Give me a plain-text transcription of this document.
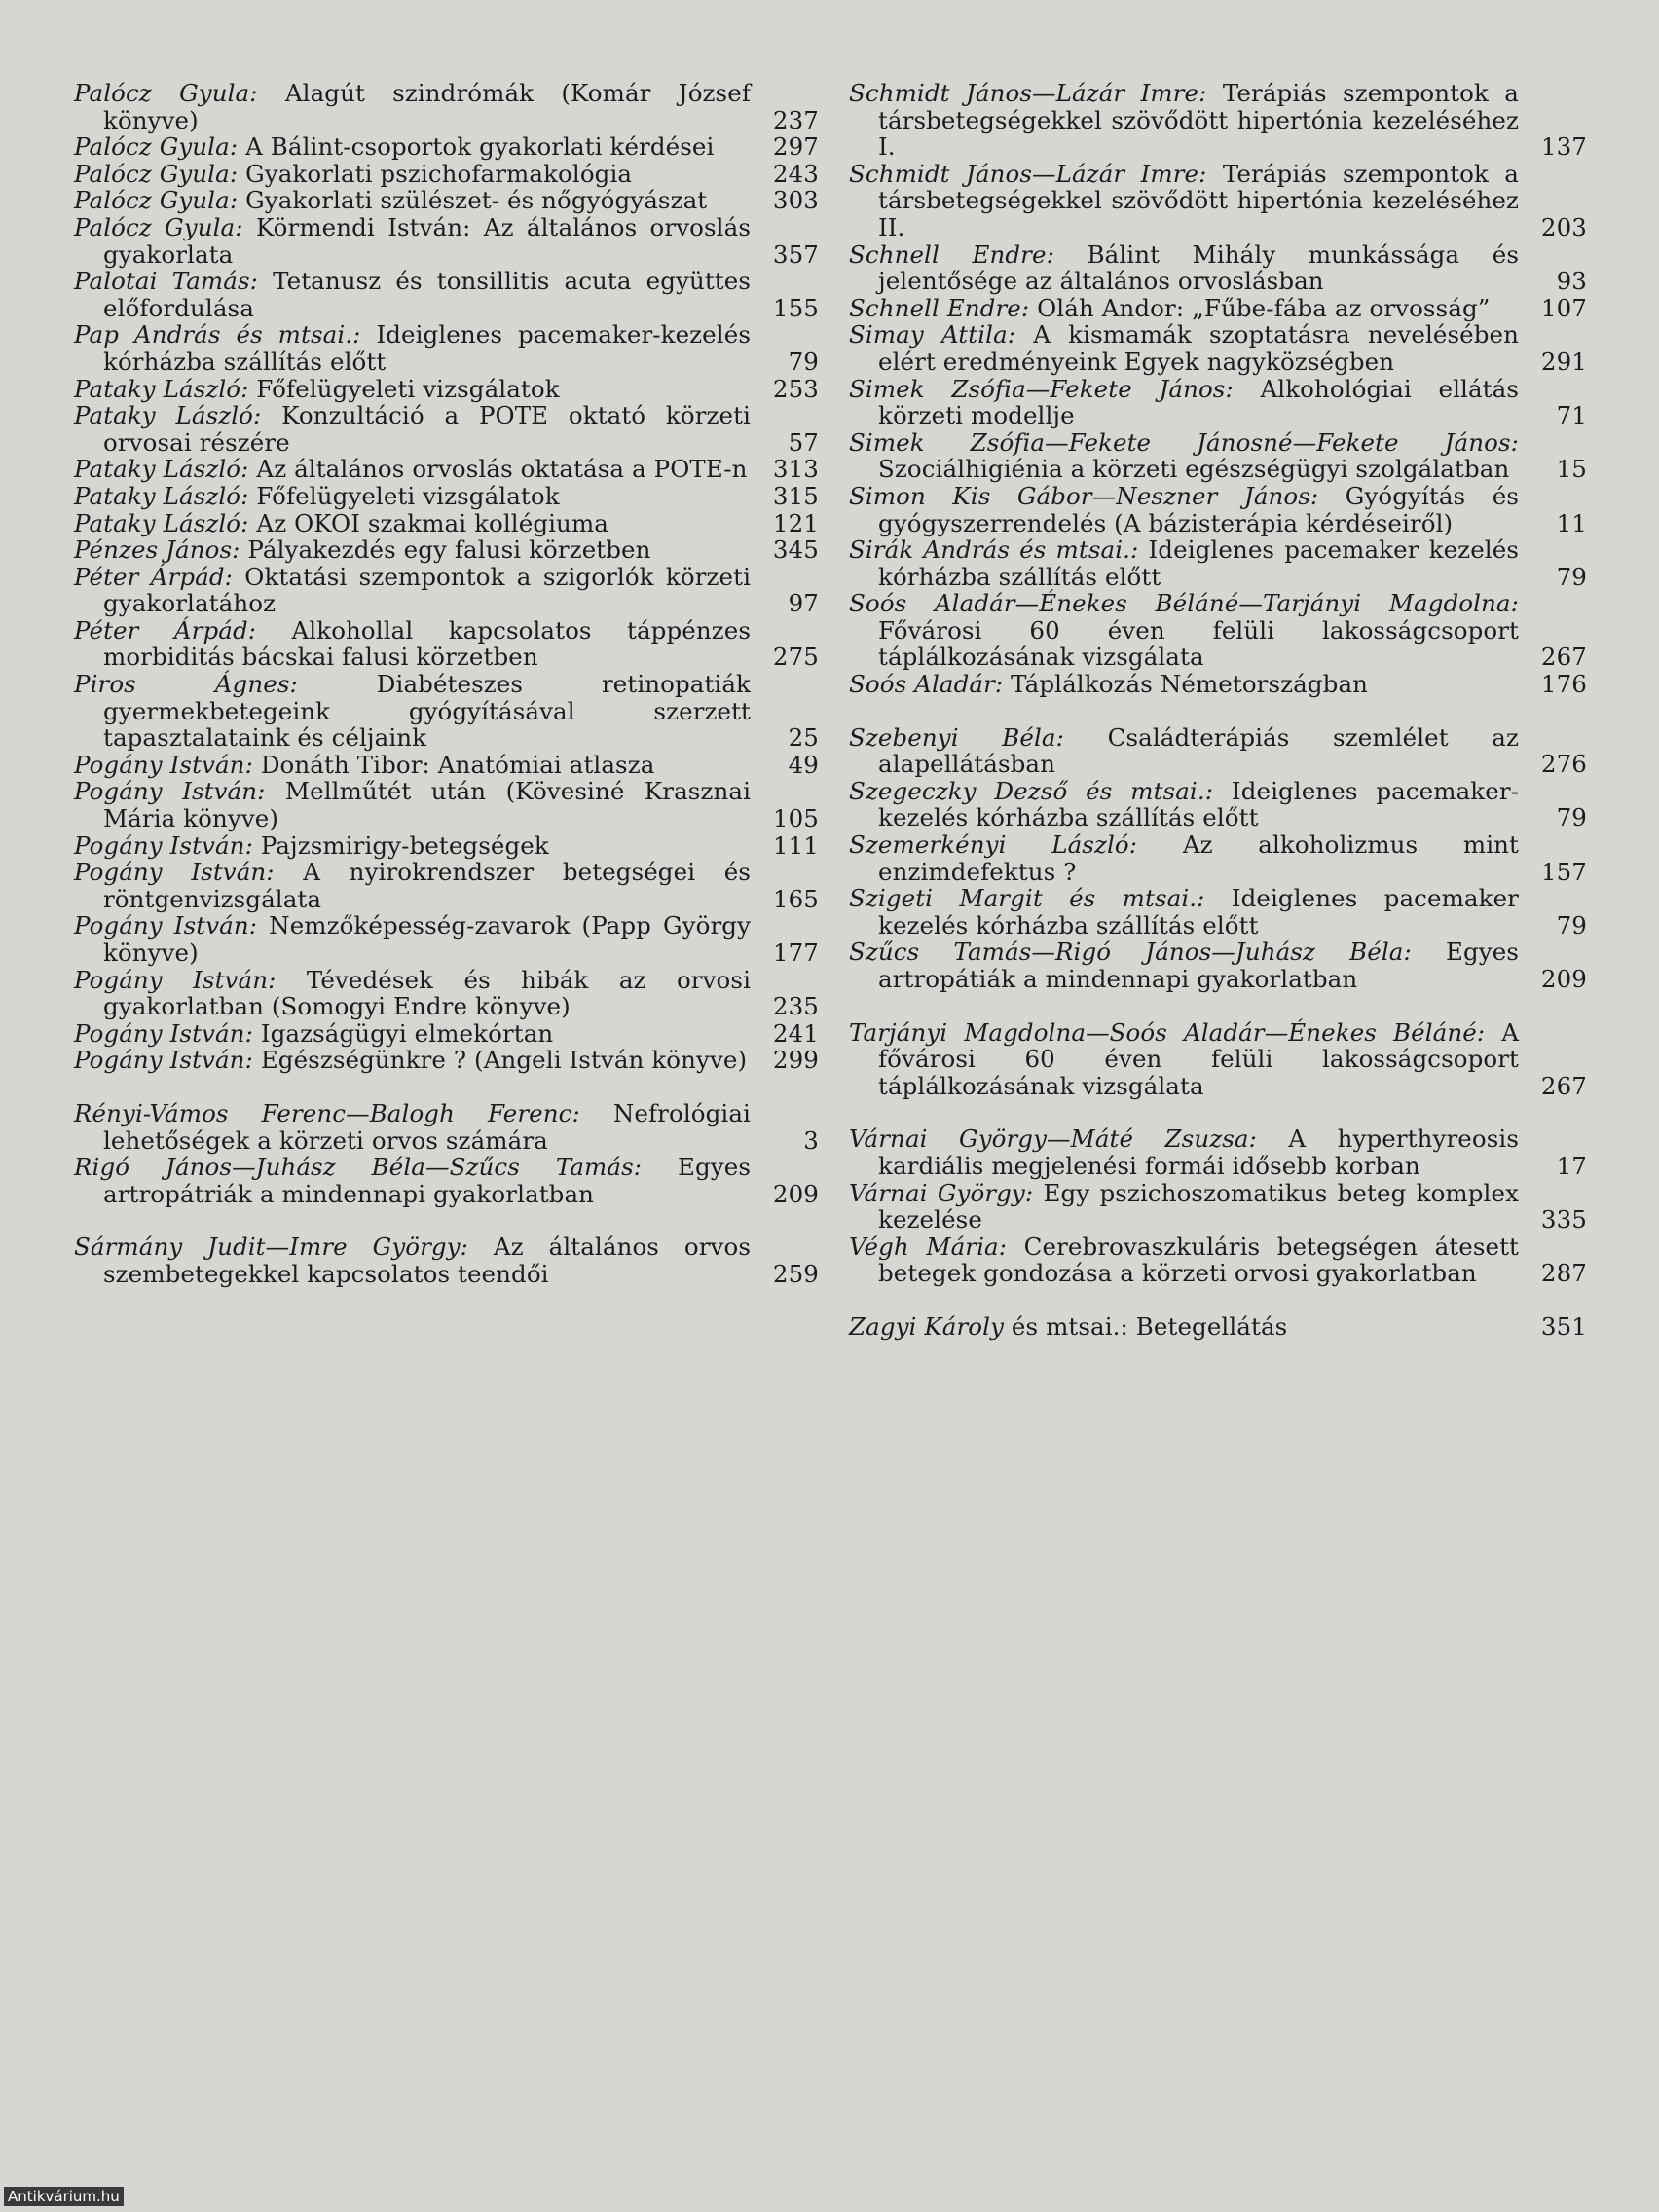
Palócz Gyula: Alagút szindrómák (Komár József könyve)	237
Palócz Gyula: A Bálint-csoportok gyakorlati kérdései	297
Palócz Gyula: Gyakorlati pszichofarmakológia	243
Palócz Gyula: Gyakorlati szülészet- és nőgyógyászat	303
Palócz Gyula: Körmendi István: Az általános orvoslás gyakorlata	357
Palotai Tamás: Tetanusz és tonsillitis acuta együttes előfordulása	155
Pap András és mtsai.: Ideiglenes pacemaker-kezelés kórházba szállítás előtt	79
Pataky László: Főfelügyeleti vizsgálatok	253
Pataky László: Konzultáció a POTE oktató körzeti orvosai részére	57
Pataky László: Az általános orvoslás oktatása a POTE-n	313
Pataky László: Főfelügyeleti vizsgálatok	315
Pataky László: Az OKOI szakmai kollégiuma	121
Pénzes János: Pályakezdés egy falusi körzetben	345
Péter Árpád: Oktatási szempontok a szigorlók körzeti gyakorlatához	97
Péter Árpád: Alkohollal kapcsolatos táppénzes morbiditás bácskai falusi körzetben	275
Piros Ágnes:	Diabéteszes retinopatiák gyermekbetegeink gyógyításával szerzett tapasztalataink és céljaink	25
Pogány István: Donáth Tibor: Anatómiai atlasza	49
Pogány István: Mellműtét után (Kövesiné Krasznai Mária könyve)	105
Pogány István: Pajzsmirigy-betegségek	111
Pogány István: A nyirokrendszer betegségei és röntgenvizsgálata	165
Pogány István: Nemzőképesség-zavarok (Papp György könyve)	177
Pogány István: Tévedések és hibák az orvosi gyakorlatban (Somogyi Endre könyve)	235
Pogány István: Igazságügyi elmekórtan	241
Pogány István: Egészségünkre ? (Angeli István könyve)	299
Rényi-Vámos Ferenc—Balogh Ferenc: Nefrológiai lehetőségek a körzeti orvos számára	3
Rigó János—Juhász Béla—Szűcs Tamás: Egyes artropátriák a mindennapi gyakorlatban	209
Sármány Judit—Imre György: Az általános orvos szembetegekkel kapcsolatos teendői	259
Schmidt János—Lázár Imre: Terápiás szempontok a társbetegségekkel szövődött hipertónia kezeléséhez I.	137
Schmidt János—Lázár Imre: Terápiás szempontok a társbetegségekkel szövődött hipertónia kezeléséhez II.	203
Schnell Endre: Bálint Mihály munkássága és jelentősége az általános orvoslásban	93
Schnell Endre: Oláh Andor: „Fűbe-fába az orvosság”	107
Simay Attila: A kismamák szoptatásra nevelésében elért eredményeink Egyek nagyközségben	291
Simek Zsófia—Fekete János: Alkohológiai ellátás körzeti modellje	71
Simek Zsófia—Fekete Jánosné—Fekete János: Szociálhigiénia a körzeti egészségügyi szolgálatban	15
Simon Kis Gábor—Neszner János: Gyógyítás és gyógyszerrendelés (A bázisterápia kérdéseiről)	11
Sirák András és mtsai.: Ideiglenes pacemaker kezelés kórházba szállítás előtt	79
Soós Aladár—Énekes Béláné—Tarjányi Magdolna: Fővárosi 60 éven felüli lakosságcsoport táplálkozásának vizsgálata	267
Soós Aladár: Táplálkozás Németországban	176
Szebenyi Béla: Családterápiás szemlélet az alapellátásban	276
Szegeczky Dezső és mtsai.: Ideiglenes pacemaker-kezelés kórházba szállítás előtt	79
Szemerkényi László: Az alkoholizmus mint enzimdefektus ?	157
Szigeti Margit és mtsai.: Ideiglenes pacemaker kezelés kórházba szállítás előtt	79
Szűcs Tamás—Rigó János—Juhász Béla: Egyes artropátiák a mindennapi gyakorlatban	209
Tarjányi Magdolna—Soós Aladár—Énekes Béláné: A fővárosi 60 éven felüli lakosságcsoport táplálkozásának vizsgálata	267
Várnai György—Máté Zsuzsa: A hyperthyreosis kardiális megjelenési formái idősebb korban	17
Várnai György: Egy pszichoszomatikus beteg komplex kezelése	335
Végh Mária: Cerebrovaszkuláris betegségen átesett betegek gondozása a körzeti orvosi gyakorlatban	287
Zagyi Károly és mtsai.: Betegellátás	351
Antikvárium.hu
